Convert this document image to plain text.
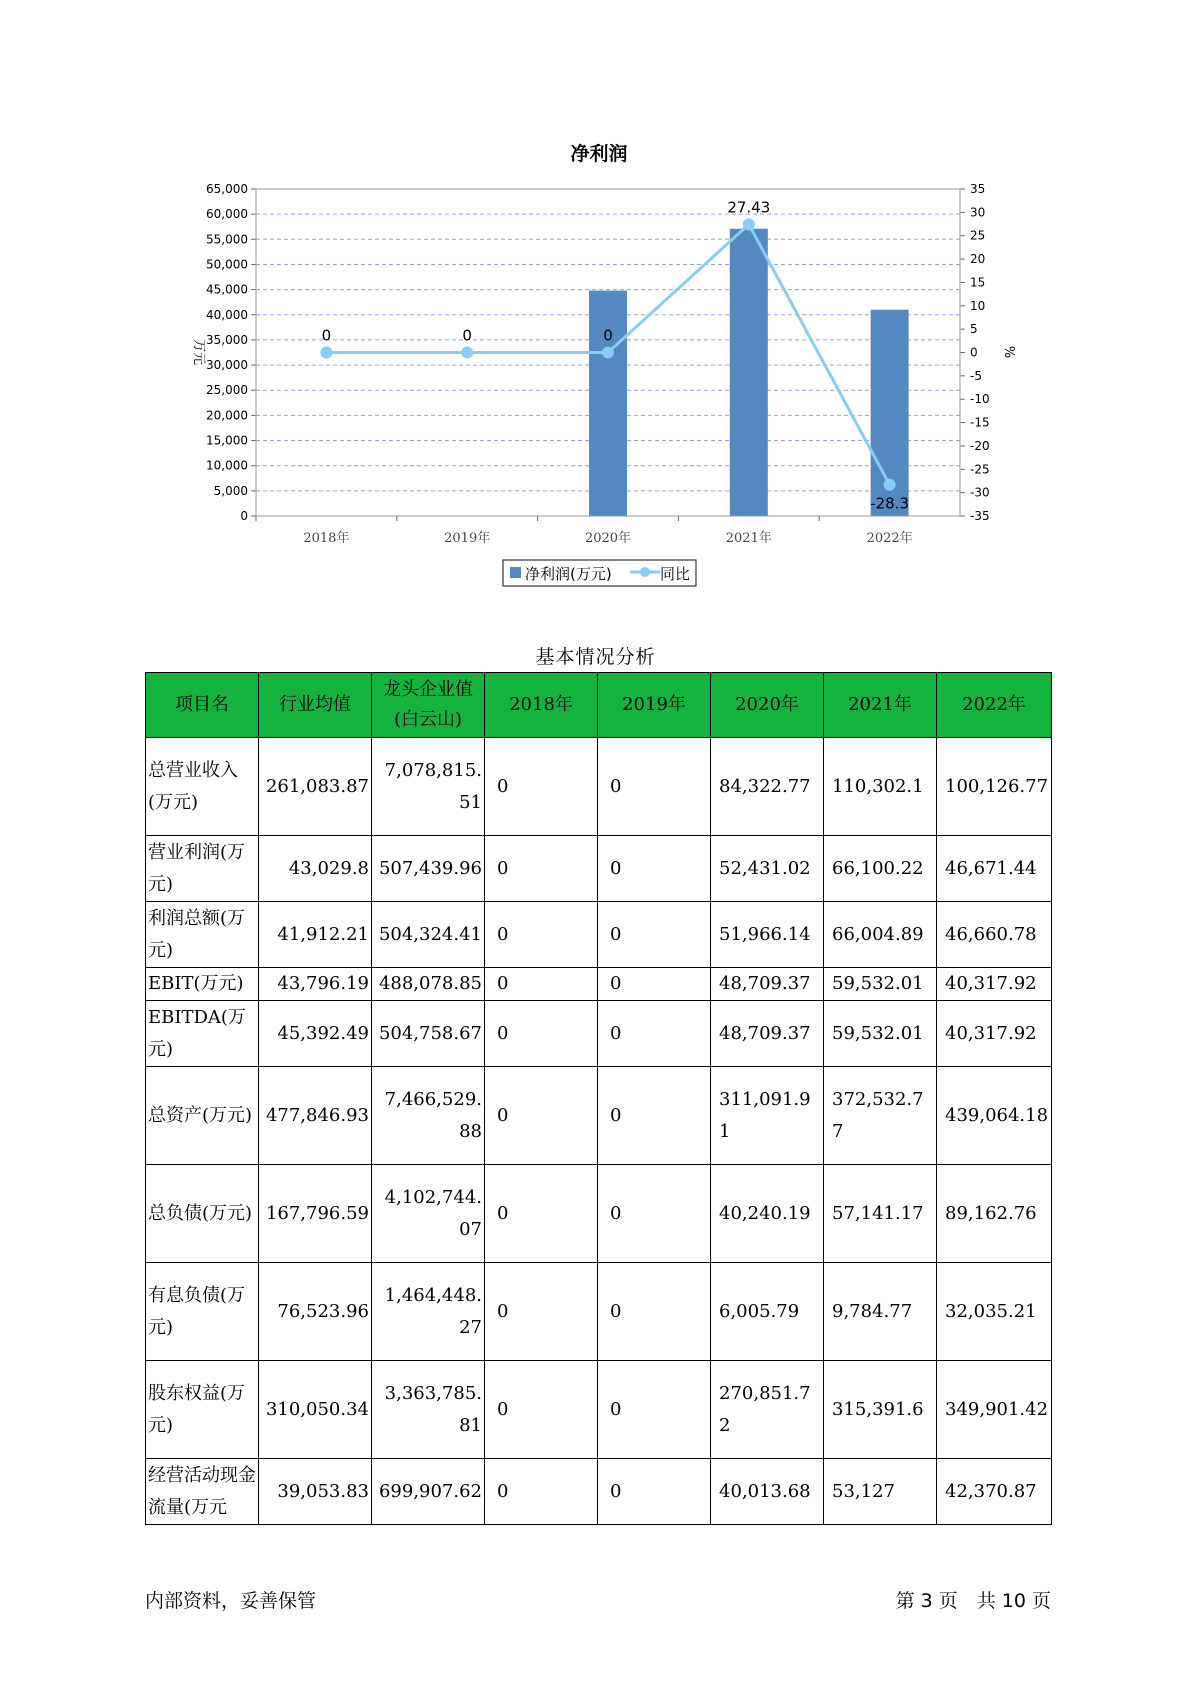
净利润
0	0	0
27.43
-28.3
0
5,000
10,000
15,000
20,000
25,000
30,000
35,000
40,000
45,000
50,000
55,000
60,000
65,000
-35
-30
-25
-20
-15
-10
-5
0
5
10
15
20
25
30
35
2018年	2019年	2020年	2021年	2022年
万元	%
净利润(万元)	同比
基本情况分析
项目名	行业均值	龙头企业值(白云山)	2018年	2019年	2020年	2021年	2022年
总营业收入(万元)	261,083.87	7,078,815.51	0	0	84,322.77	110,302.1	100,126.77
营业利润(万元)	43,029.8	507,439.96	0	0	52,431.02	66,100.22	46,671.44
利润总额(万元)	41,912.21	504,324.41	0	0	51,966.14	66,004.89	46,660.78
EBIT(万元)	43,796.19	488,078.85	0	0	48,709.37	59,532.01	40,317.92
EBITDA(万元)	45,392.49	504,758.67	0	0	48,709.37	59,532.01	40,317.92
总资产(万元)	477,846.93	7,466,529.88	0	0	311,091.91	372,532.77	439,064.18
总负债(万元)	167,796.59	4,102,744.07	0	0	40,240.19	57,141.17	89,162.76
有息负债(万元)	76,523.96	1,464,448.27	0	0	6,005.79	9,784.77	32,035.21
股东权益(万元)	310,050.34	3,363,785.81	0	0	270,851.72	315,391.6	349,901.42
经营活动现金流量(万元	39,053.83	699,907.62	0	0	40,013.68	53,127	42,370.87
内部资料，妥善保管	第 3 页　共 10 页
